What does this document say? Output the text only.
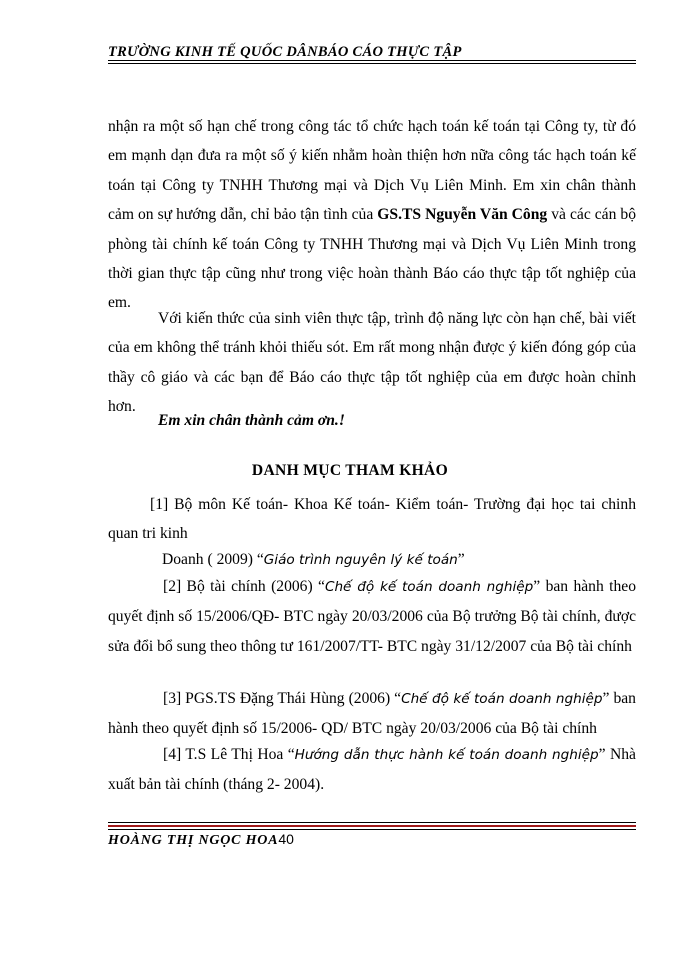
TRƯỜNG KINH TẾ QUỐC DÂNBÁO CÁO THỰC TẬP
nhận ra một số hạn chế trong công tác tổ chức hạch toán kế toán tại Công ty, từ đó em mạnh dạn đưa ra một số ý kiến nhằm hoàn thiện hơn nữa công tác hạch toán kế toán tại Công ty TNHH Thương mại và Dịch Vụ Liên Minh. Em xin chân thành cảm on sự hướng dẫn, chỉ bảo tận tình của GS.TS Nguyễn Văn Công và các cán bộ phòng tài chính kế toán Công ty TNHH Thương mại và Dịch Vụ Liên Minh trong thời gian thực tập cũng như trong việc hoàn thành Báo cáo thực tập tốt nghiệp của em.
Với kiến thức của sinh viên thực tập, trình độ năng lực còn hạn chế, bài viết của em không thể tránh khỏi thiếu sót. Em rất mong nhận được ý kiến đóng góp của thầy cô giáo và các bạn để Báo cáo thực tập tốt nghiệp của em được hoàn chỉnh hơn.
Em xin chân thành cảm ơn.!
DANH MỤC THAM KHẢO
[1] Bộ môn Kế toán- Khoa Kế toán- Kiểm toán- Trường đại học tai chinh quan tri kinh
Doanh ( 2009) “Giáo trình nguyên lý kế toán”
[2] Bộ tài chính (2006) “Chế độ kế toán doanh nghiệp” ban hành theo quyết định số 15/2006/QĐ- BTC ngày 20/03/2006 của Bộ trưởng Bộ tài chính, được sửa đổi bổ sung theo thông tư 161/2007/TT- BTC ngày 31/12/2007 của Bộ tài chính
[3] PGS.TS Đặng Thái Hùng (2006) “Chế độ kế toán doanh nghiệp” ban hành theo quyết định số 15/2006- QD/ BTC ngày 20/03/2006 của Bộ tài chính
[4] T.S Lê Thị Hoa “Hướng dẫn thực hành kế toán doanh nghiệp” Nhà xuất bản tài chính (tháng 2- 2004).
HOÀNG THỊ NGỌC HOA40
